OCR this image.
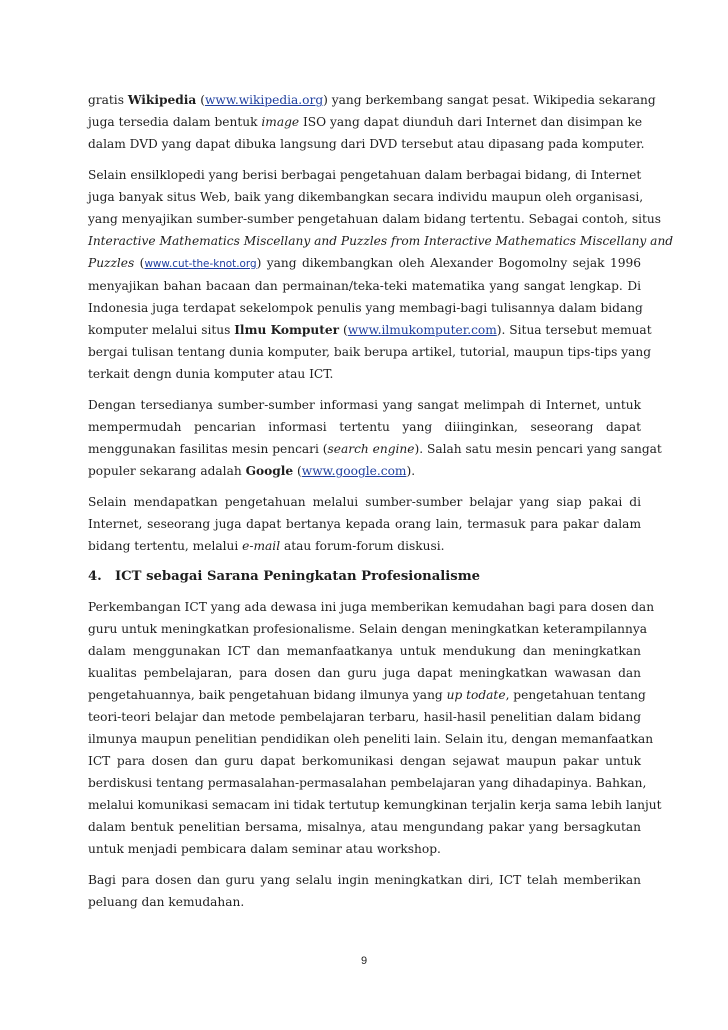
gratis Wikipedia (www.wikipedia.org) yang berkembang sangat pesat. Wikipedia sekarang
juga tersedia dalam bentuk image ISO yang dapat diunduh dari Internet dan disimpan ke
dalam DVD yang dapat dibuka langsung dari DVD tersebut atau dipasang pada komputer.

Selain ensilklopedi yang berisi berbagai pengetahuan dalam berbagai bidang, di Internet
juga banyak situs Web, baik yang dikembangkan secara individu maupun oleh organisasi,
yang menyajikan sumber-sumber pengetahuan dalam bidang tertentu. Sebagai contoh, situs
Interactive Mathematics Miscellany and Puzzles from Interactive Mathematics Miscellany and
Puzzles (www.cut-the-knot.org) yang dikembangkan oleh Alexander Bogomolny sejak 1996
menyajikan bahan bacaan dan permainan/teka-teki matematika yang sangat lengkap. Di
Indonesia juga terdapat sekelompok penulis yang membagi-bagi tulisannya dalam bidang
komputer melalui situs Ilmu Komputer (www.ilmukomputer.com). Situa tersebut memuat
bergai tulisan tentang dunia komputer, baik berupa artikel, tutorial, maupun tips-tips yang
terkait dengn dunia komputer atau ICT.

Dengan tersedianya sumber-sumber informasi yang sangat melimpah di Internet, untuk
mempermudah pencarian informasi tertentu yang diiinginkan, seseorang dapat
menggunakan fasilitas mesin pencari (search engine). Salah satu mesin pencari yang sangat
populer sekarang adalah Google (www.google.com).

Selain mendapatkan pengetahuan melalui sumber-sumber belajar yang siap pakai di
Internet, seseorang juga dapat bertanya kepada orang lain, termasuk para pakar dalam
bidang tertentu, melalui e-mail atau forum-forum diskusi.

4. ICT sebagai Sarana Peningkatan Profesionalisme

Perkembangan ICT yang ada dewasa ini juga memberikan kemudahan bagi para dosen dan
guru untuk meningkatkan profesionalisme. Selain dengan meningkatkan keterampilannya
dalam menggunakan ICT dan memanfaatkanya untuk mendukung dan meningkatkan
kualitas pembelajaran, para dosen dan guru juga dapat meningkatkan wawasan dan
pengetahuannya, baik pengetahuan bidang ilmunya yang up todate, pengetahuan tentang
teori-teori belajar dan metode pembelajaran terbaru, hasil-hasil penelitian dalam bidang
ilmunya maupun penelitian pendidikan oleh peneliti lain. Selain itu, dengan memanfaatkan
ICT para dosen dan guru dapat berkomunikasi dengan sejawat maupun pakar untuk
berdiskusi tentang permasalahan-permasalahan pembelajaran yang dihadapinya. Bahkan,
melalui komunikasi semacam ini tidak tertutup kemungkinan terjalin kerja sama lebih lanjut
dalam bentuk penelitian bersama, misalnya, atau mengundang pakar yang bersagkutan
untuk menjadi pembicara dalam seminar atau workshop.

Bagi para dosen dan guru yang selalu ingin meningkatkan diri, ICT telah memberikan
peluang dan kemudahan.

9
